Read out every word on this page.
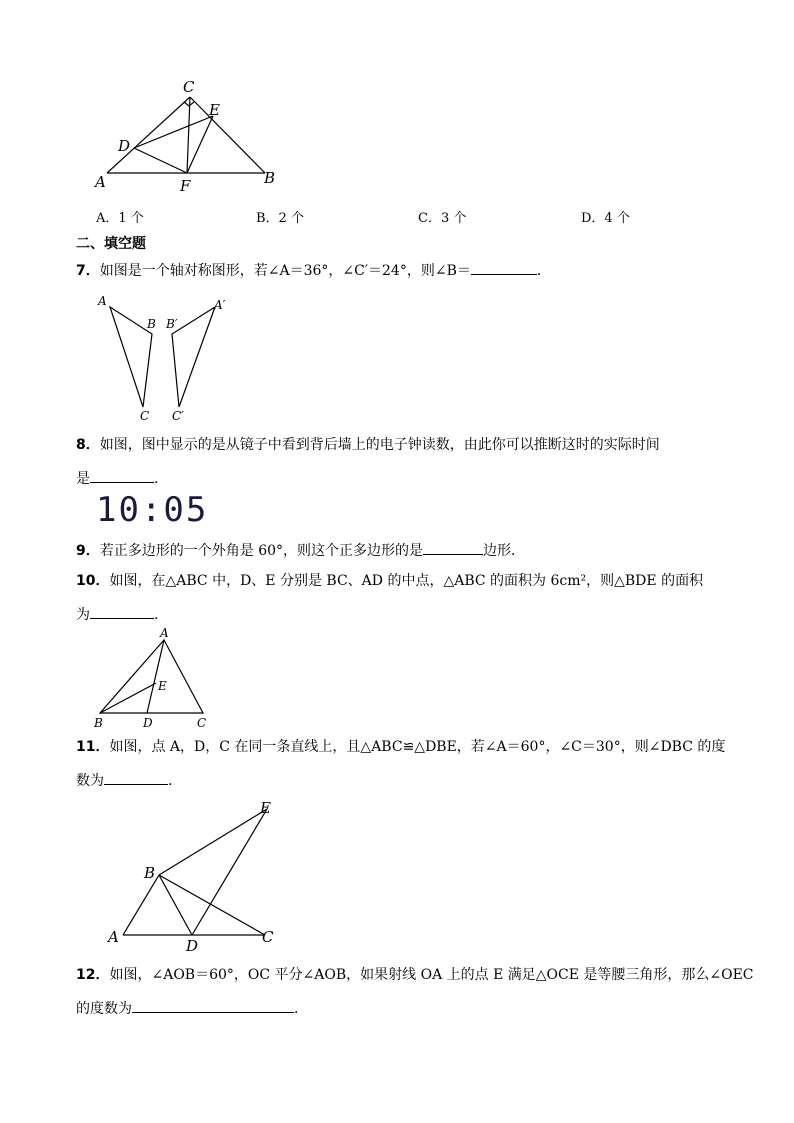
C
E
D
A	F	B
A．1 个	B．2 个	C．3 个	D．4 个
二、填空题
7．如图是一个轴对称图形，若∠A＝36°，∠C′＝24°，则∠B＝	．
A
B
C
B′
A′
C′
8．如图，图中显示的是从镜子中看到背后墙上的电子钟读数，由此你可以推断这时的实际时间
是	.
10:05
9．若正多边形的一个外角是 60°，则这个正多边形的是	边形．
10．如图，在△ABC 中，D、E 分别是 BC、AD 的中点，△ABC 的面积为 6cm²，则△BDE 的面积
为	.
A
E
B	D	C
11．如图，点 A，D，C 在同一条直线上，且△ABC≌△DBE，若∠A＝60°，∠C＝30°，则∠DBC 的度
数为	．
E
B
A	D	C
12．如图，∠AOB＝60°，OC 平分∠AOB，如果射线 OA 上的点 E 满足△OCE 是等腰三角形，那么∠OEC
的度数为	．
